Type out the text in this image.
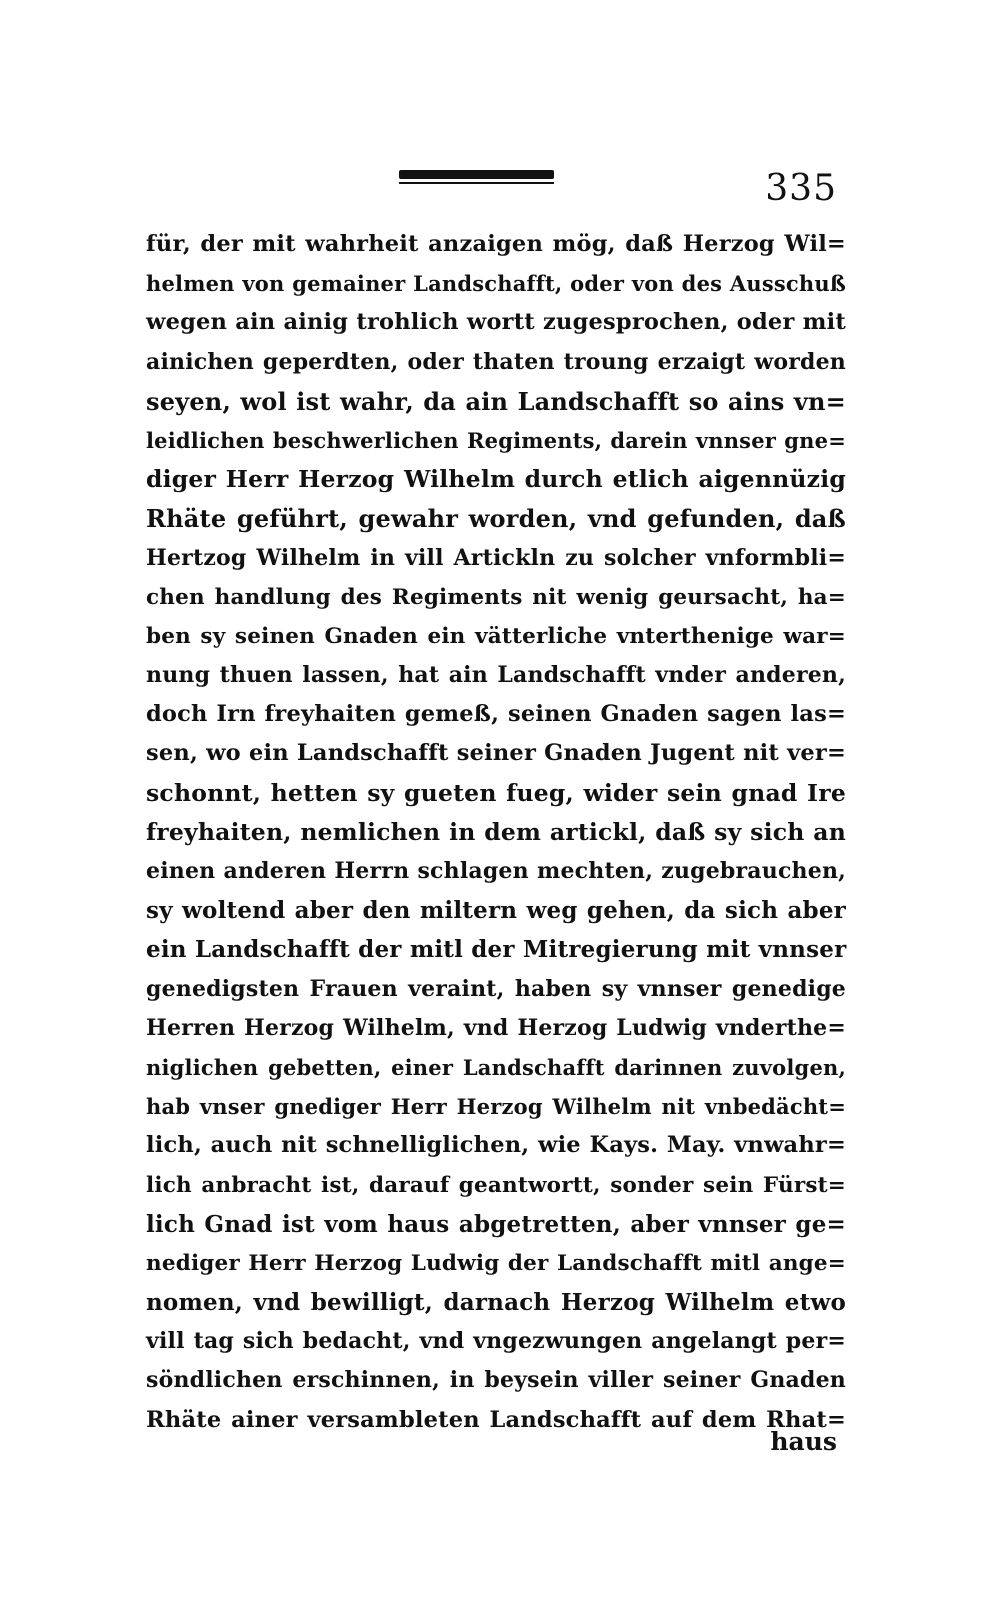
335
für, der mit wahrheit anzaigen mög, daß Herzog Wil=
helmen von gemainer Landschafft, oder von des Ausschuß
wegen ain ainig trohlich wortt zugesprochen, oder mit
ainichen geperdten, oder thaten troung erzaigt worden
seyen, wol ist wahr, da ain Landschafft so ains vn=
leidlichen beschwerlichen Regiments, darein vnnser gne=
diger Herr Herzog Wilhelm durch etlich aigennüzig
Rhäte geführt, gewahr worden, vnd gefunden, daß
Hertzog Wilhelm in vill Artickln zu solcher vnformbli=
chen handlung des Regiments nit wenig geursacht, ha=
ben sy seinen Gnaden ein vätterliche vnterthenige war=
nung thuen lassen, hat ain Landschafft vnder anderen,
doch Irn freyhaiten gemeß, seinen Gnaden sagen las=
sen, wo ein Landschafft seiner Gnaden Jugent nit ver=
schonnt, hetten sy gueten fueg, wider sein gnad Ire
freyhaiten, nemlichen in dem artickl, daß sy sich an
einen anderen Herrn schlagen mechten, zugebrauchen,
sy woltend aber den miltern weg gehen, da sich aber
ein Landschafft der mitl der Mitregierung mit vnnser
genedigsten Frauen veraint, haben sy vnnser genedige
Herren Herzog Wilhelm, vnd Herzog Ludwig vnderthe=
niglichen gebetten, einer Landschafft darinnen zuvolgen,
hab vnser gnediger Herr Herzog Wilhelm nit vnbedächt=
lich, auch nit schnelliglichen, wie Kays. May. vnwahr=
lich anbracht ist, darauf geantwortt, sonder sein Fürst=
lich Gnad ist vom haus abgetretten, aber vnnser ge=
nediger Herr Herzog Ludwig der Landschafft mitl ange=
nomen, vnd bewilligt, darnach Herzog Wilhelm etwo
vill tag sich bedacht, vnd vngezwungen angelangt per=
söndlichen erschinnen, in beysein viller seiner Gnaden
Rhäte ainer versambleten Landschafft auf dem Rhat=
haus
